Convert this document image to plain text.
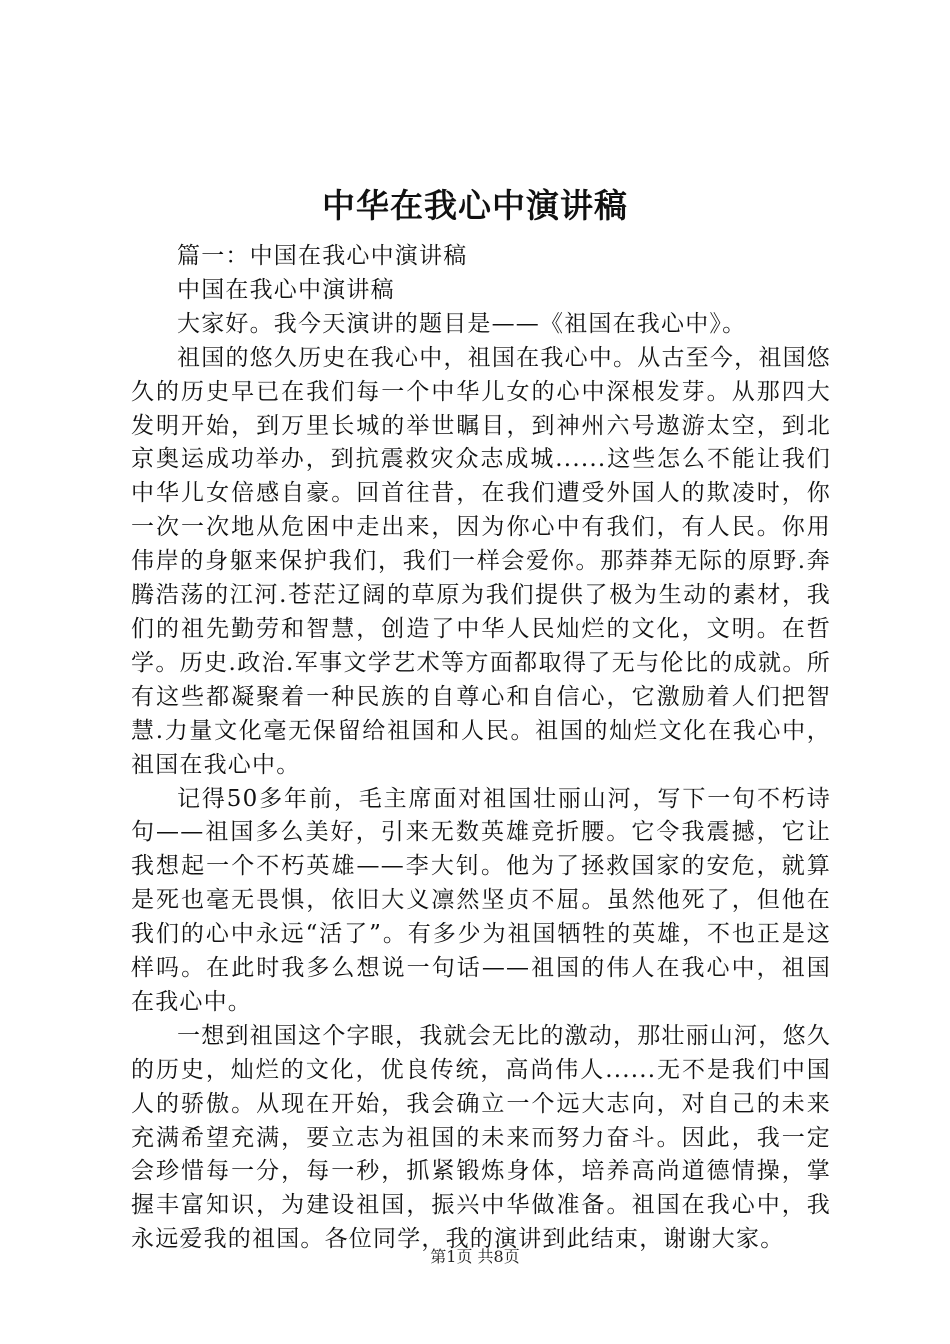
中华在我心中演讲稿

篇一：中国在我心中演讲稿

中国在我心中演讲稿

大家好。我今天演讲的题目是——《祖国在我心中》。

祖国的悠久历史在我心中，祖国在我心中。从古至今，祖国悠久的历史早已在我们每一个中华儿女的心中深根发芽。从那四大发明开始，到万里长城的举世瞩目，到神州六号遨游太空，到北京奥运成功举办，到抗震救灾众志成城......这些怎么不能让我们中华儿女倍感自豪。回首往昔，在我们遭受外国人的欺凌时，你一次一次地从危困中走出来，因为你心中有我们，有人民。你用伟岸的身躯来保护我们，我们一样会爱你。那莽莽无际的原野.奔腾浩荡的江河.苍茫辽阔的草原为我们提供了极为生动的素材，我们的祖先勤劳和智慧，创造了中华人民灿烂的文化，文明。在哲学。历史.政治.军事文学艺术等方面都取得了无与伦比的成就。所有这些都凝聚着一种民族的自尊心和自信心，它激励着人们把智慧.力量文化毫无保留给祖国和人民。祖国的灿烂文化在我心中，祖国在我心中。

记得50多年前，毛主席面对祖国壮丽山河，写下一句不朽诗句——祖国多么美好，引来无数英雄竞折腰。它令我震撼，它让我想起一个不朽英雄——李大钊。他为了拯救国家的安危，就算是死也毫无畏惧，依旧大义凛然坚贞不屈。虽然他死了，但他在我们的心中永远“活了”。有多少为祖国牺牲的英雄，不也正是这样吗。在此时我多么想说一句话——祖国的伟人在我心中，祖国在我心中。

一想到祖国这个字眼，我就会无比的激动，那壮丽山河，悠久的历史，灿烂的文化，优良传统，高尚伟人......无不是我们中国人的骄傲。从现在开始，我会确立一个远大志向，对自己的未来充满希望充满，要立志为祖国的未来而努力奋斗。因此，我一定会珍惜每一分，每一秒，抓紧锻炼身体，培养高尚道德情操，掌握丰富知识，为建设祖国，振兴中华做准备。祖国在我心中，我永远爱我的祖国。各位同学，我的演讲到此结束，谢谢大家。

第1页 共8页
